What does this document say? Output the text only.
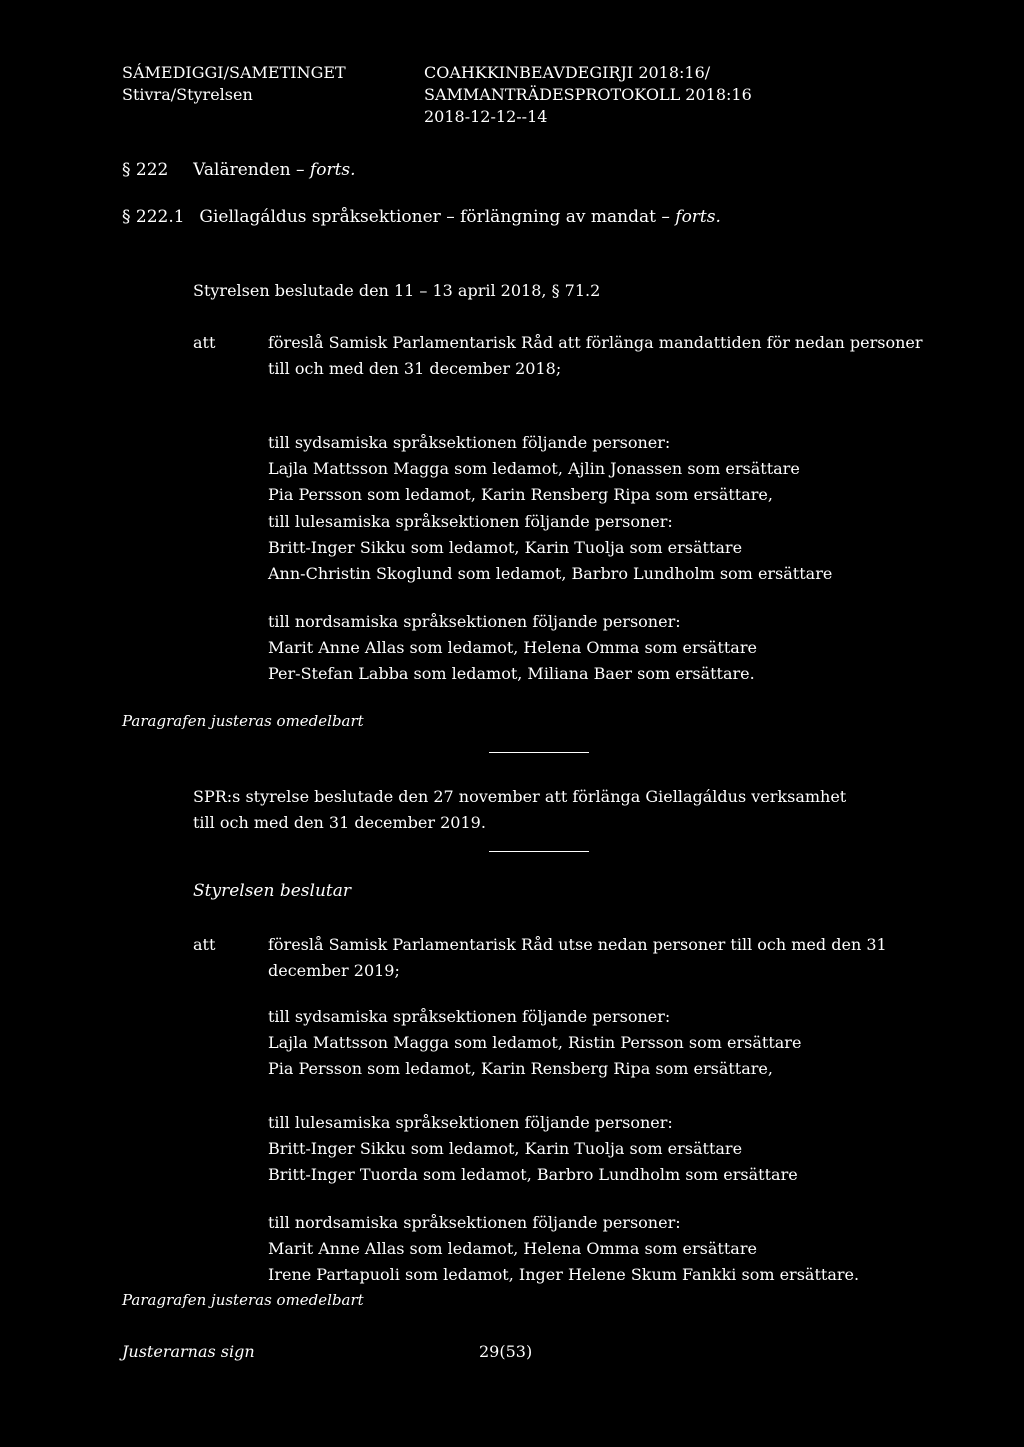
SÁMEDIGGI/SAMETINGET
Stivra/Styrelsen
COAHKKINBEAVDEGIRJI 2018:16/
SAMMANTRÄDESPROTOKOLL 2018:16
2018-12-12--14
§ 222 Valärenden – forts.
§ 222.1 Giellagáldus språksektioner – förlängning av mandat – forts.
Styrelsen beslutade den 11 – 13 april 2018, § 71.2
att	föreslå Samisk Parlamentarisk Råd att förlänga mandattiden för nedan personer
till och med den 31 december 2018;
till sydsamiska språksektionen följande personer:
Lajla Mattsson Magga som ledamot, Ajlin Jonassen som ersättare
Pia Persson som ledamot, Karin Rensberg Ripa som ersättare,
till lulesamiska språksektionen följande personer:
Britt-Inger Sikku som ledamot, Karin Tuolja som ersättare
Ann-Christin Skoglund som ledamot, Barbro Lundholm som ersättare
till nordsamiska språksektionen följande personer:
Marit Anne Allas som ledamot, Helena Omma som ersättare
Per-Stefan Labba som ledamot, Miliana Baer som ersättare.
Paragrafen justeras omedelbart
SPR:s styrelse beslutade den 27 november att förlänga Giellagáldus verksamhet
till och med den 31 december 2019.
Styrelsen beslutar
att	föreslå Samisk Parlamentarisk Råd utse nedan personer till och med den 31
december 2019;
till sydsamiska språksektionen följande personer:
Lajla Mattsson Magga som ledamot, Ristin Persson som ersättare
Pia Persson som ledamot, Karin Rensberg Ripa som ersättare,
till lulesamiska språksektionen följande personer:
Britt-Inger Sikku som ledamot, Karin Tuolja som ersättare
Britt-Inger Tuorda som ledamot, Barbro Lundholm som ersättare
till nordsamiska språksektionen följande personer:
Marit Anne Allas som ledamot, Helena Omma som ersättare
Irene Partapuoli som ledamot, Inger Helene Skum Fankki som ersättare.
Paragrafen justeras omedelbart
Justerarnas sign	29(53)
